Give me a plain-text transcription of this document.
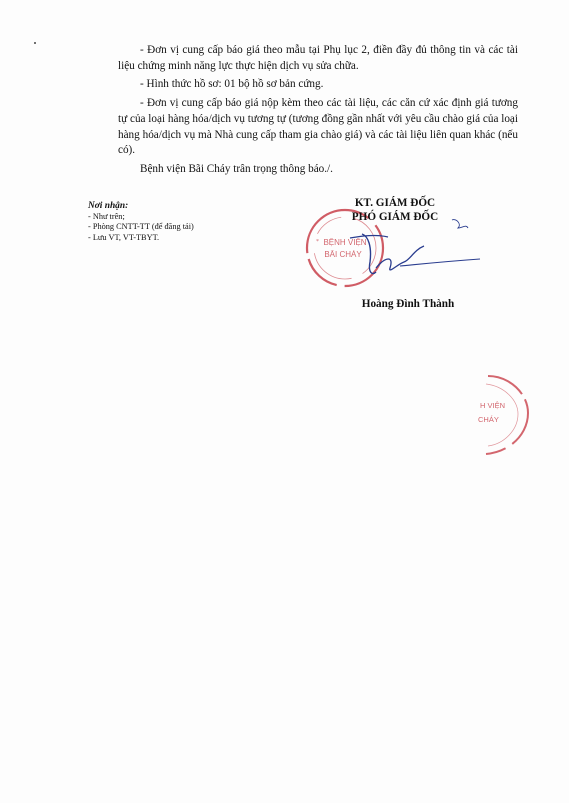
- Đơn vị cung cấp báo giá theo mẫu tại Phụ lục 2, điền đầy đủ thông tin và các tài liệu chứng minh năng lực thực hiện dịch vụ sửa chữa.

- Hình thức hồ sơ: 01 bộ hồ sơ bản cứng.

- Đơn vị cung cấp báo giá nộp kèm theo các tài liệu, các căn cứ xác định giá tương tự của loại hàng hóa/dịch vụ tương tự (tương đồng gần nhất với yêu cầu chào giá của loại hàng hóa/dịch vụ mà Nhà cung cấp tham gia chào giá) và các tài liệu liên quan khác (nếu có).

Bệnh viện Bãi Cháy trân trọng thông báo./.

Nơi nhận:
- Như trên;
- Phòng CNTT-TT (để đăng tải)
- Lưu VT, VT-TBYT.
BỆNH VIỆN
BÃI CHÁY
*
KT. GIÁM ĐỐC
PHÓ GIÁM ĐỐC
Hoàng Đình Thành
H VIỆN
CHÁY
